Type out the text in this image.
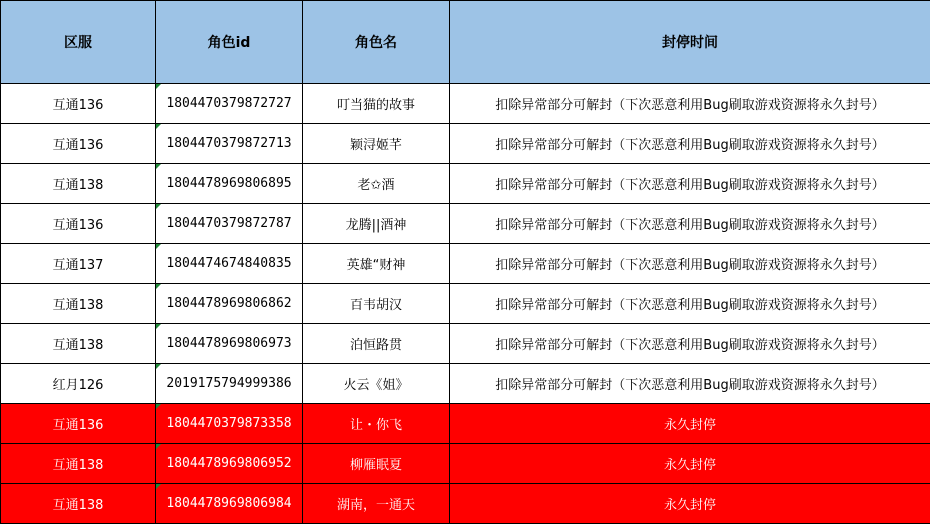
区服	角色id	角色名	封停时间
互通136	1804470379872727	叮当猫的故事	扣除异常部分可解封（下次恶意利用Bug刷取游戏资源将永久封号）
互通136	1804470379872713	颖浔姬芊	扣除异常部分可解封（下次恶意利用Bug刷取游戏资源将永久封号）
互通138	1804478969806895	老✩酒	扣除异常部分可解封（下次恶意利用Bug刷取游戏资源将永久封号）
互通136	1804470379872787	龙腾||酒神	扣除异常部分可解封（下次恶意利用Bug刷取游戏资源将永久封号）
互通137	1804474674840835	英雄“财神	扣除异常部分可解封（下次恶意利用Bug刷取游戏资源将永久封号）
互通138	1804478969806862	百韦胡汉	扣除异常部分可解封（下次恶意利用Bug刷取游戏资源将永久封号）
互通138	1804478969806973	泊恒路贯	扣除异常部分可解封（下次恶意利用Bug刷取游戏资源将永久封号）
红月126	2019175794999386	火云《姐》	扣除异常部分可解封（下次恶意利用Bug刷取游戏资源将永久封号）
互通136	1804470379873358	让・你飞	永久封停
互通138	1804478969806952	柳雁眠夏	永久封停
互通138	1804478969806984	湖南，一通天	永久封停
